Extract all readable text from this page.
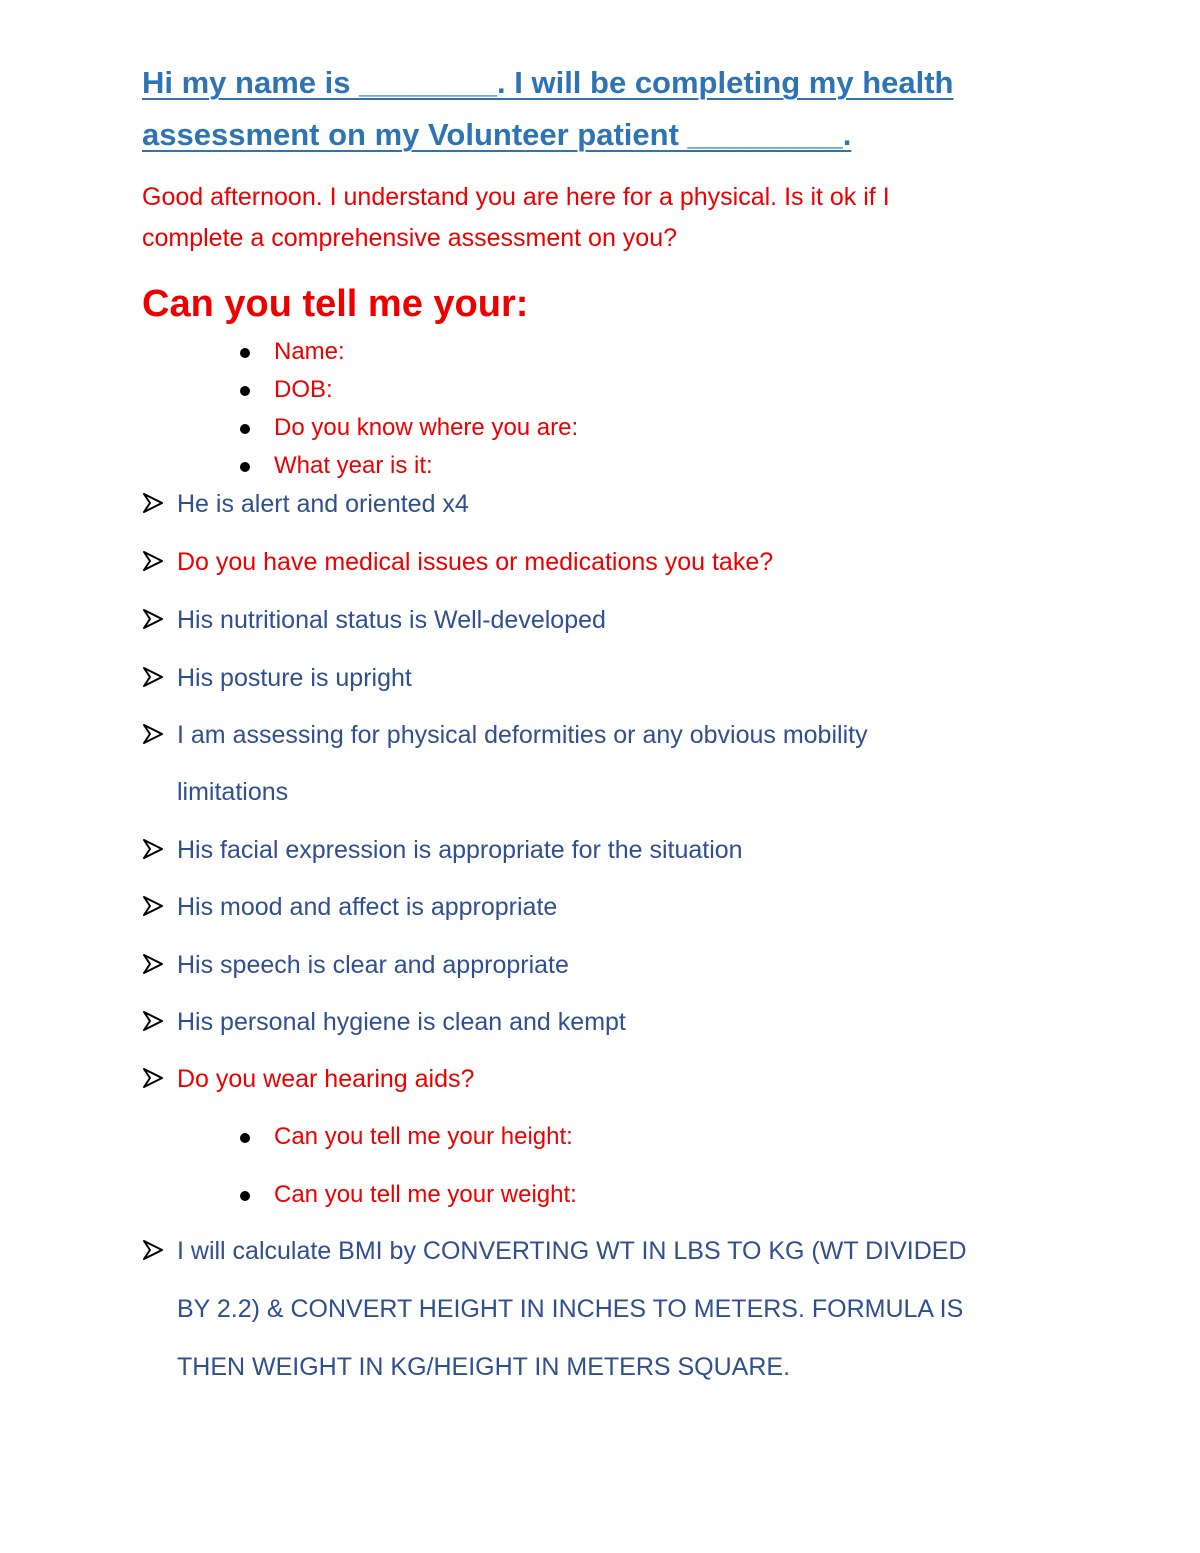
Hi my name is ________. I will be completing my health
assessment on my Volunteer patient _________.

Good afternoon. I understand you are here for a physical. Is it ok if I

complete a comprehensive assessment on you?

Can you tell me your:
Name:
DOB:
Do you know where you are:
What year is it:
He is alert and oriented x4
Do you have medical issues or medications you take?
His nutritional status is Well-developed
His posture is upright
I am assessing for physical deformities or any obvious mobility
limitations
His facial expression is appropriate for the situation
His mood and affect is appropriate
His speech is clear and appropriate
His personal hygiene is clean and kempt
Do you wear hearing aids?
Can you tell me your height:
Can you tell me your weight:
I will calculate BMI by CONVERTING WT IN LBS TO KG (WT DIVIDED
BY 2.2) & CONVERT HEIGHT IN INCHES TO METERS. FORMULA IS
THEN WEIGHT IN KG/HEIGHT IN METERS SQUARE.
